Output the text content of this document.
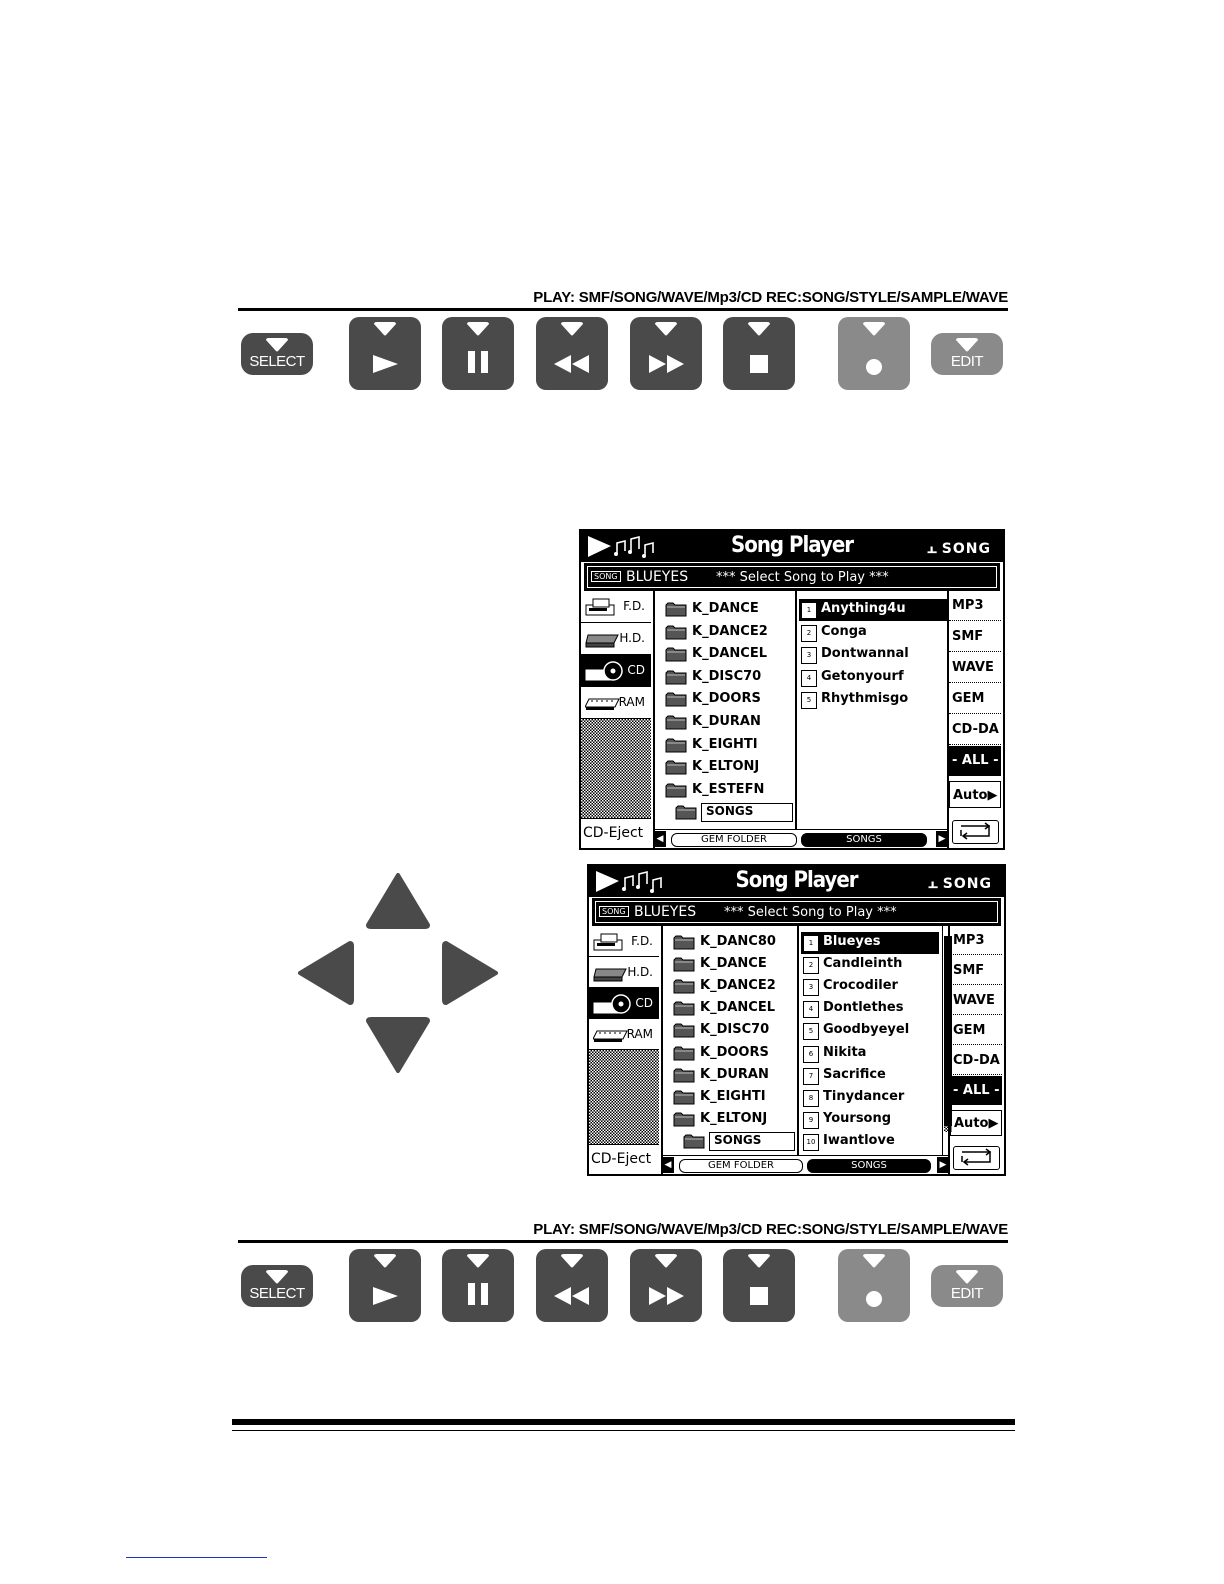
PLAY: SMF/SONG/WAVE/Mp3/CD REC:SONG/STYLE/SAMPLE/WAVE
SELECT	EDIT
Song Player	⫠ SONG
SONG BLUEYES *** Select Song to Play ***
F.D.
H.D.
CD
RAM
CD-Eject
K_DANCE
K_DANCE2
K_DANCEL
K_DISC70
K_DOORS
K_DURAN
K_EIGHTI
K_ELTONJ
K_ESTEFN
SONGS
1 Anything4u
2 Conga
3 Dontwannal
4 Getonyourf
5 Rhythmisgo
MP3
SMF
WAVE
GEM
CD-DA
- ALL -
Auto▶
◀	GEM FOLDER	SONGS	▶
Song Player	⫠ SONG
SONG BLUEYES *** Select Song to Play ***
F.D.
H.D.
CD
RAM
CD-Eject
K_DANC80
K_DANCE
K_DANCE2
K_DANCEL
K_DISC70
K_DOORS
K_DURAN
K_EIGHTI
K_ELTONJ
SONGS
1 Blueyes
2 Candleinth
3 Crocodiler
4 Dontlethes
5 Goodbyeyel
6 Nikita
7 Sacrifice
8 Tinydancer
9 Yoursong
10 Iwantlove
MP3
SMF
WAVE
GEM
CD-DA
- ALL -
Auto▶
◀	GEM FOLDER	SONGS	▶
PLAY: SMF/SONG/WAVE/Mp3/CD REC:SONG/STYLE/SAMPLE/WAVE
SELECT	EDIT
